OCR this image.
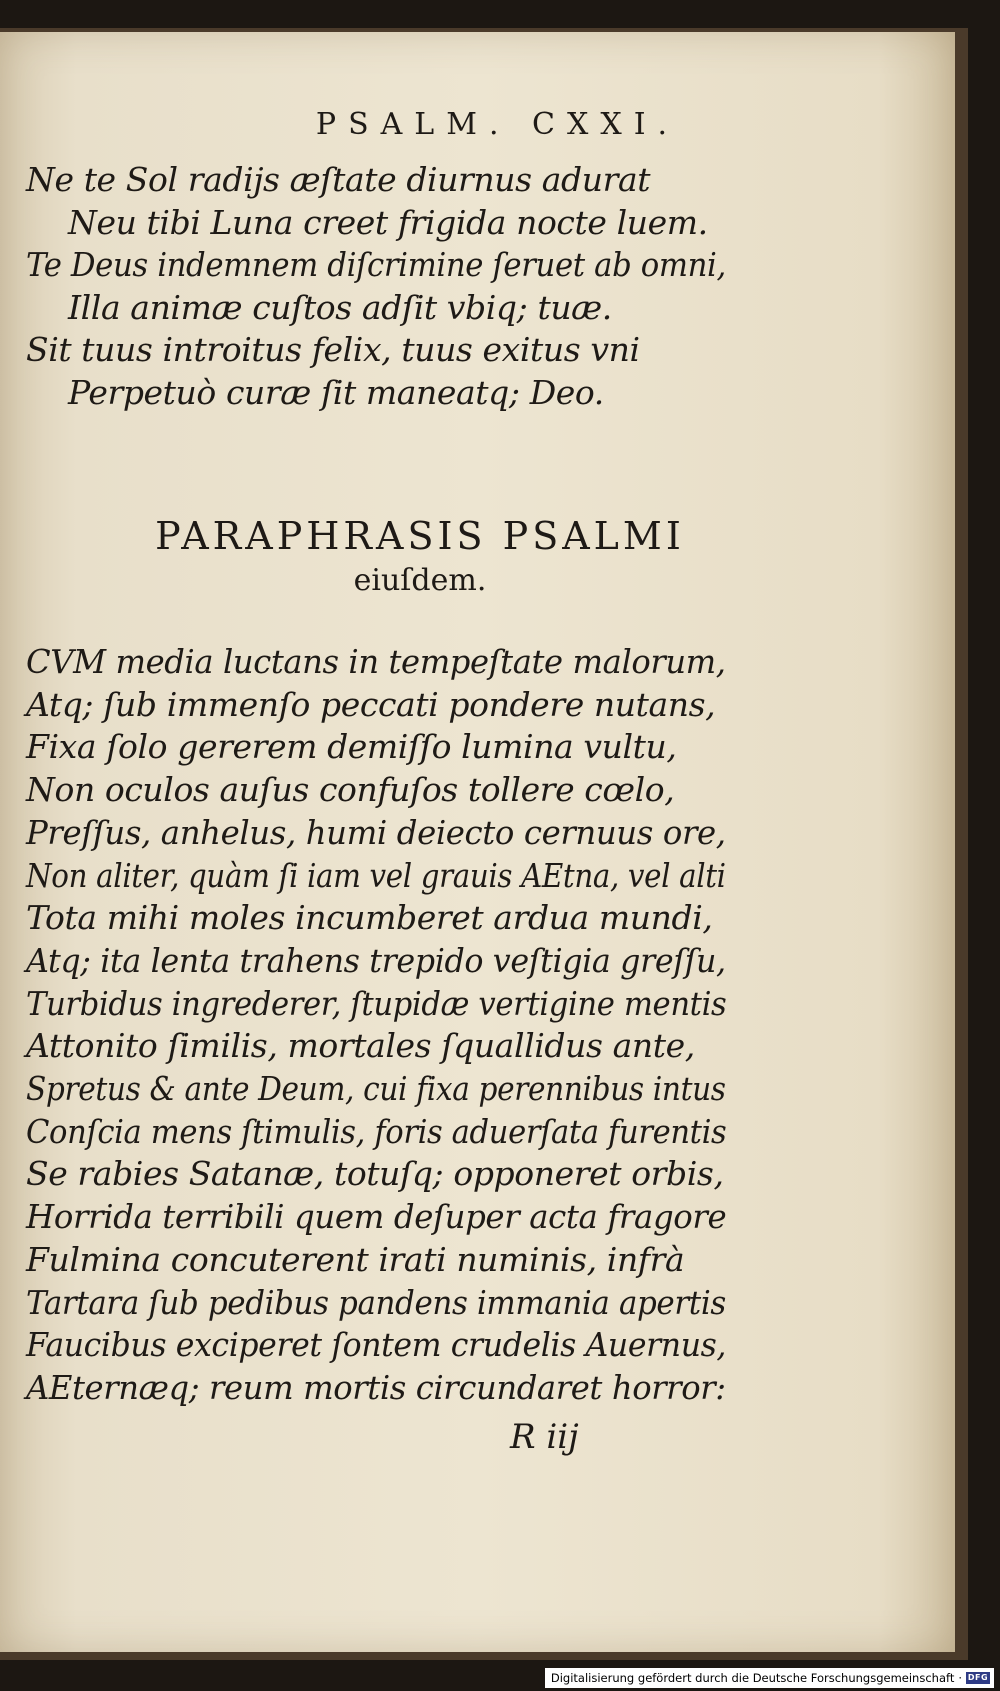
PSALM. CXXI.
Ne te Sol radijs æſtate diurnus adurat
Neu tibi Luna creet frigida nocte luem.
Te Deus indemnem diſcrimine ſeruet ab omni,
Illa animæ cuſtos adſit vbiq; tuæ.
Sit tuus introitus felix, tuus exitus vni
Perpetuò curæ ſit maneatq; Deo.
PARAPHRASIS PSALMI
eiuſdem.
CVM media luctans in tempeſtate malorum,
Atq; ſub immenſo peccati pondere nutans,
Fixa ſolo gererem demiſſo lumina vultu,
Non oculos auſus confuſos tollere cœlo,
Preſſus, anhelus, humi deiecto cernuus ore,
Non aliter, quàm ſi iam vel grauis AEtna, vel alti
Tota mihi moles incumberet ardua mundi,
Atq; ita lenta trahens trepido veſtigia greſſu,
Turbidus ingrederer, ſtupidæ vertigine mentis
Attonito ſimilis, mortales ſquallidus ante,
Spretus & ante Deum, cui fixa perennibus intus
Conſcia mens ſtimulis, foris aduerſata furentis
Se rabies Satanæ, totuſq; opponeret orbis,
Horrida terribili quem deſuper acta fragore
Fulmina concuterent irati numinis, infrà
Tartara ſub pedibus pandens immania apertis
Faucibus exciperet ſontem crudelis Auernus,
AEternæq; reum mortis circundaret horror:
R iij
Digitalisierung gefördert durch die Deutsche Forschungsgemeinschaft · DFG
